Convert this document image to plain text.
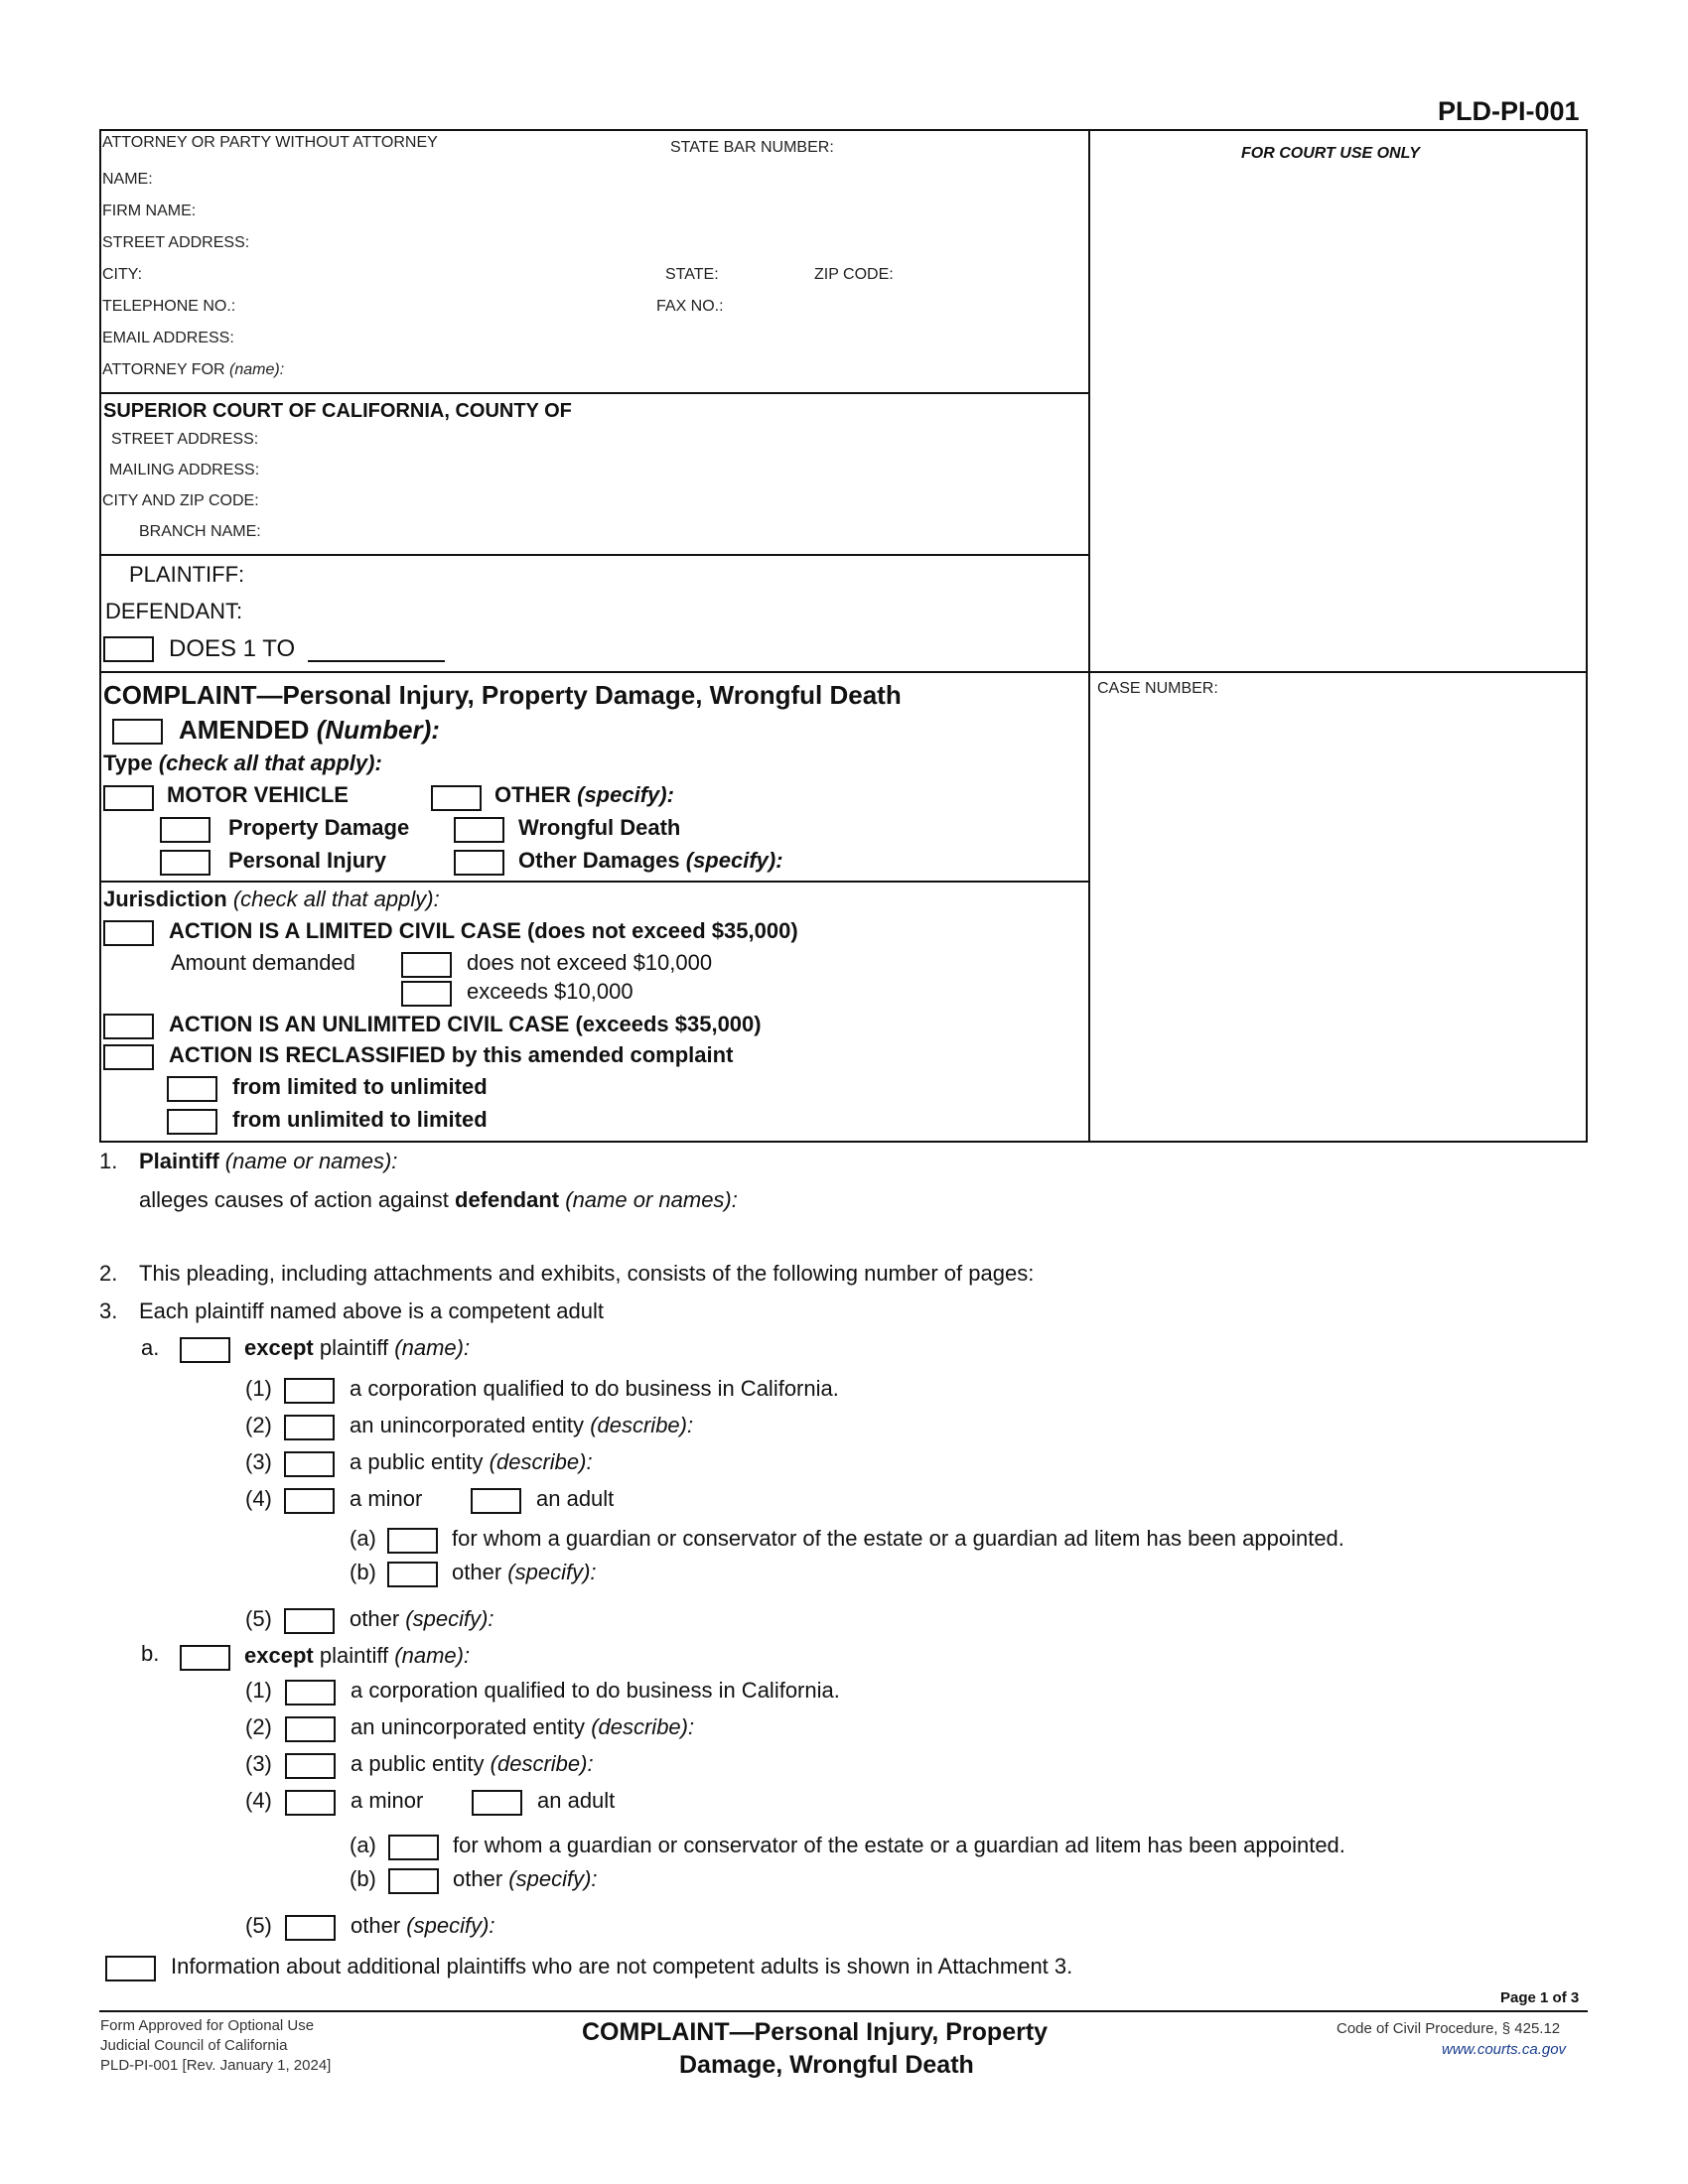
PLD-PI-001
ATTORNEY OR PARTY WITHOUT ATTORNEY	STATE BAR NUMBER:	FOR COURT USE ONLY
NAME:
FIRM NAME:
STREET ADDRESS:
CITY:	STATE:	ZIP CODE:
TELEPHONE NO.:	FAX NO.:
EMAIL ADDRESS:
ATTORNEY FOR (name):
SUPERIOR COURT OF CALIFORNIA, COUNTY OF
STREET ADDRESS:
MAILING ADDRESS:
CITY AND ZIP CODE:
BRANCH NAME:
PLAINTIFF:
DEFENDANT:
DOES 1 TO
COMPLAINT—Personal Injury, Property Damage, Wrongful Death	CASE NUMBER:
AMENDED (Number):
Type (check all that apply):
MOTOR VEHICLE	OTHER (specify):
Property Damage	Wrongful Death
Personal Injury	Other Damages (specify):
Jurisdiction (check all that apply):
ACTION IS A LIMITED CIVIL CASE (does not exceed $35,000)
Amount demanded	does not exceed $10,000
exceeds $10,000
ACTION IS AN UNLIMITED CIVIL CASE (exceeds $35,000)
ACTION IS RECLASSIFIED by this amended complaint
from limited to unlimited
from unlimited to limited
1. Plaintiff (name or names):
alleges causes of action against defendant (name or names):
2. This pleading, including attachments and exhibits, consists of the following number of pages:
3. Each plaintiff named above is a competent adult
a.	except plaintiff (name):
(1)	a corporation qualified to do business in California.
(2)	an unincorporated entity (describe):
(3)	a public entity (describe):
(4)	a minor	an adult
(a)	for whom a guardian or conservator of the estate or a guardian ad litem has been appointed.
(b)	other (specify):
(5)	other (specify):
b.	except plaintiff (name):
(1)	a corporation qualified to do business in California.
(2)	an unincorporated entity (describe):
(3)	a public entity (describe):
(4)	a minor	an adult
(a)	for whom a guardian or conservator of the estate or a guardian ad litem has been appointed.
(b)	other (specify):
(5)	other (specify):
Information about additional plaintiffs who are not competent adults is shown in Attachment 3.
Page 1 of 3
Form Approved for Optional Use
Judicial Council of California
PLD-PI-001 [Rev. January 1, 2024]
COMPLAINT—Personal Injury, Property
Damage, Wrongful Death
Code of Civil Procedure, § 425.12
www.courts.ca.gov
